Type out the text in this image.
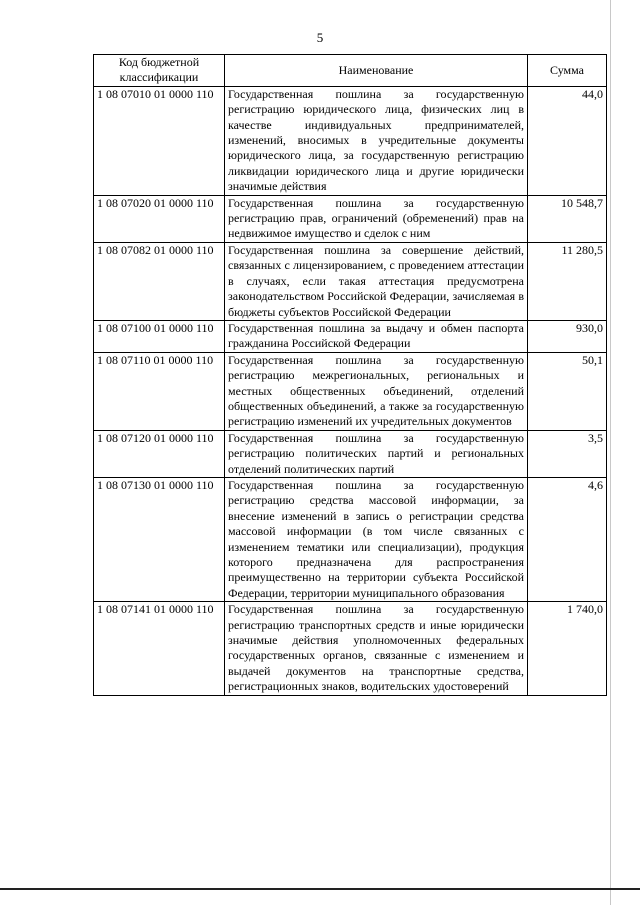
5
Код бюджетной классификации	Наименование	Сумма
1 08 07010 01 0000 110	Государственная пошлина за государственную регистрацию юридического лица, физических лиц в качестве индивидуальных предпринимателей, изменений, вносимых в учредительные документы юридического лица, за государственную регистрацию ликвидации юридического лица и другие юридически значимые действия	44,0
1 08 07020 01 0000 110	Государственная пошлина за государственную регистрацию прав, ограничений (обременений) прав на недвижимое имущество и сделок с ним	10 548,7
1 08 07082 01 0000 110	Государственная пошлина за совершение действий, связанных с лицензированием, с проведением аттестации в случаях, если такая аттестация предусмотрена законодательством Российской Федерации, зачисляемая в бюджеты субъектов Российской Федерации	11 280,5
1 08 07100 01 0000 110	Государственная пошлина за выдачу и обмен паспорта гражданина Российской Федерации	930,0
1 08 07110 01 0000 110	Государственная пошлина за государственную регистрацию межрегиональных, региональных и местных общественных объединений, отделений общественных объединений, а также за государственную регистрацию изменений их учредительных документов	50,1
1 08 07120 01 0000 110	Государственная пошлина за государственную регистрацию политических партий и региональных отделений политических партий	3,5
1 08 07130 01 0000 110	Государственная пошлина за государственную регистрацию средства массовой информации, за внесение изменений в запись о регистрации средства массовой информации (в том числе связанных с изменением тематики или специализации), продукция которого предназначена для распространения преимущественно на территории субъекта Российской Федерации, территории муниципального образования	4,6
1 08 07141 01 0000 110	Государственная пошлина за государственную регистрацию транспортных средств и иные юридически значимые действия уполномоченных федеральных государственных органов, связанные с изменением и выдачей документов на транспортные средства, регистрационных знаков, водительских удостоверений	1 740,0
